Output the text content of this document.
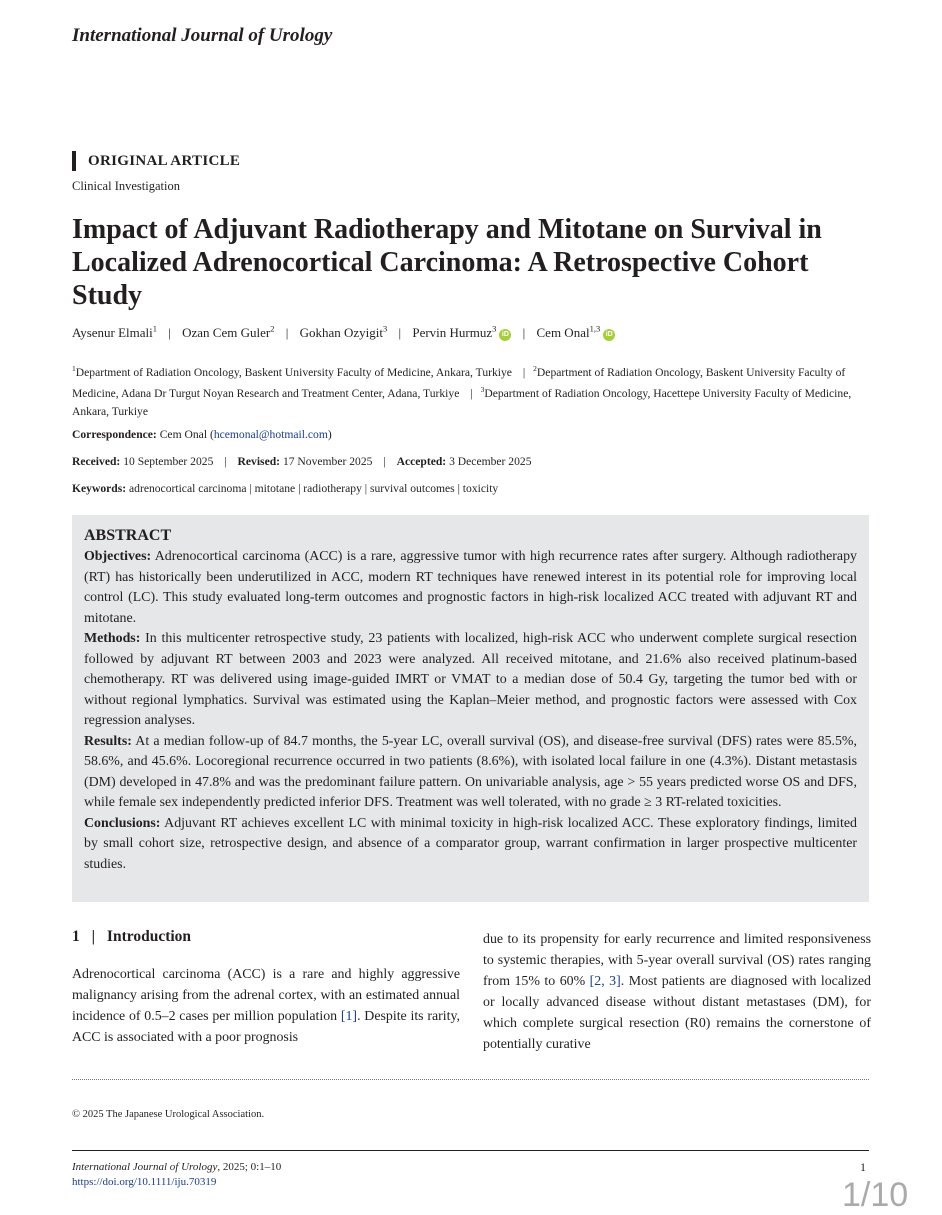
International Journal of Urology
ORIGINAL ARTICLE
Clinical Investigation
Impact of Adjuvant Radiotherapy and Mitotane on Survival in Localized Adrenocortical Carcinoma: A Retrospective Cohort Study
Aysenur Elmali$^1$ | Ozan Cem Guler$^2$ | Gokhan Ozyigit$^3$ | Pervin Hurmuz$^3$iD | Cem Onal$^{1,3}$iD
$^1$Department of Radiation Oncology, Baskent University Faculty of Medicine, Ankara, Turkiye | $^2$Department of Radiation Oncology, Baskent University Faculty of Medicine, Adana Dr Turgut Noyan Research and Treatment Center, Adana, Turkiye | $^3$Department of Radiation Oncology, Hacettepe University Faculty of Medicine, Ankara, Turkiye
Correspondence: Cem Onal (hcemonal@hotmail.com)
Received: 10 September 2025 | Revised: 17 November 2025 | Accepted: 3 December 2025
Keywords: adrenocortical carcinoma | mitotane | radiotherapy | survival outcomes | toxicity
ABSTRACT

Objectives: Adrenocortical carcinoma (ACC) is a rare, aggressive tumor with high recurrence rates after surgery. Although radiotherapy (RT) has historically been underutilized in ACC, modern RT techniques have renewed interest in its potential role for improving local control (LC). This study evaluated long-term outcomes and prognostic factors in high-risk localized ACC treated with adjuvant RT and mitotane.

Methods: In this multicenter retrospective study, 23 patients with localized, high-risk ACC who underwent complete surgical resection followed by adjuvant RT between 2003 and 2023 were analyzed. All received mitotane, and 21.6% also received platinum-based chemotherapy. RT was delivered using image-guided IMRT or VMAT to a median dose of 50.4 Gy, targeting the tumor bed with or without regional lymphatics. Survival was estimated using the Kaplan–Meier method, and prognostic factors were assessed with Cox regression analyses.

Results: At a median follow-up of 84.7 months, the 5-year LC, overall survival (OS), and disease-free survival (DFS) rates were 85.5%, 58.6%, and 45.6%. Locoregional recurrence occurred in two patients (8.6%), with isolated local failure in one (4.3%). Distant metastasis (DM) developed in 47.8% and was the predominant failure pattern. On univariable analysis, age > 55 years predicted worse OS and DFS, while female sex independently predicted inferior DFS. Treatment was well tolerated, with no grade ≥ 3 RT-related toxicities.

Conclusions: Adjuvant RT achieves excellent LC with minimal toxicity in high-risk localized ACC. These exploratory findings, limited by small cohort size, retrospective design, and absence of a comparator group, warrant confirmation in larger prospective multicenter studies.

1 | Introduction
Adrenocortical carcinoma (ACC) is a rare and highly aggressive malignancy arising from the adrenal cortex, with an estimated annual incidence of 0.5–2 cases per million population [1]. Despite its rarity, ACC is associated with a poor prognosis
due to its propensity for early recurrence and limited responsiveness to systemic therapies, with 5-year overall survival (OS) rates ranging from 15% to 60% [2, 3]. Most patients are diagnosed with localized or locally advanced disease without distant metastases (DM), for which complete surgical resection (R0) remains the cornerstone of potentially curative
© 2025 The Japanese Urological Association.
International Journal of Urology, 2025; 0:1–10
https://doi.org/10.1111/iju.70319
1
1/10
